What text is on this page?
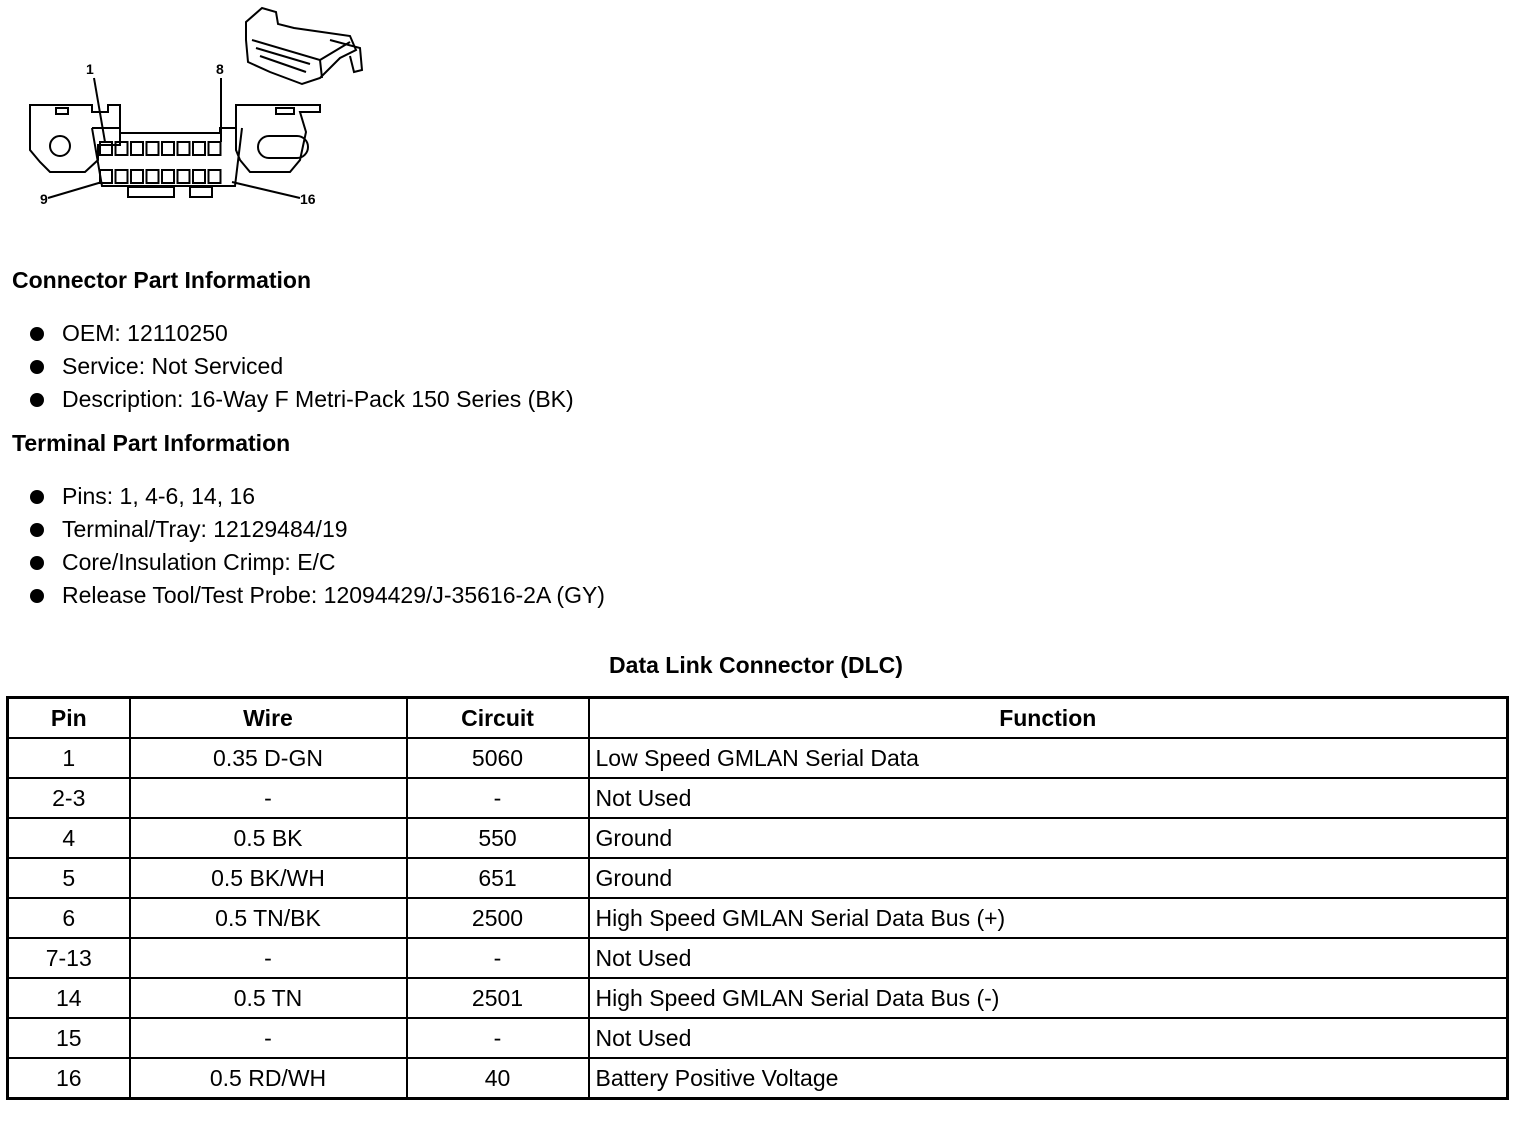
1	8
9	16
Connector Part Information
OEM: 12110250
Service: Not Serviced
Description: 16-Way F Metri-Pack 150 Series (BK)
Terminal Part Information
Pins: 1, 4-6, 14, 16
Terminal/Tray: 12129484/19
Core/Insulation Crimp: E/C
Release Tool/Test Probe: 12094429/J-35616-2A (GY)
Data Link Connector (DLC)
Pin	Wire	Circuit	Function
1	0.35 D-GN	5060	Low Speed GMLAN Serial Data
2-3	-	-	Not Used
4	0.5 BK	550	Ground
5	0.5 BK/WH	651	Ground
6	0.5 TN/BK	2500	High Speed GMLAN Serial Data Bus (+)
7-13	-	-	Not Used
14	0.5 TN	2501	High Speed GMLAN Serial Data Bus (-)
15	-	-	Not Used
16	0.5 RD/WH	40	Battery Positive Voltage
